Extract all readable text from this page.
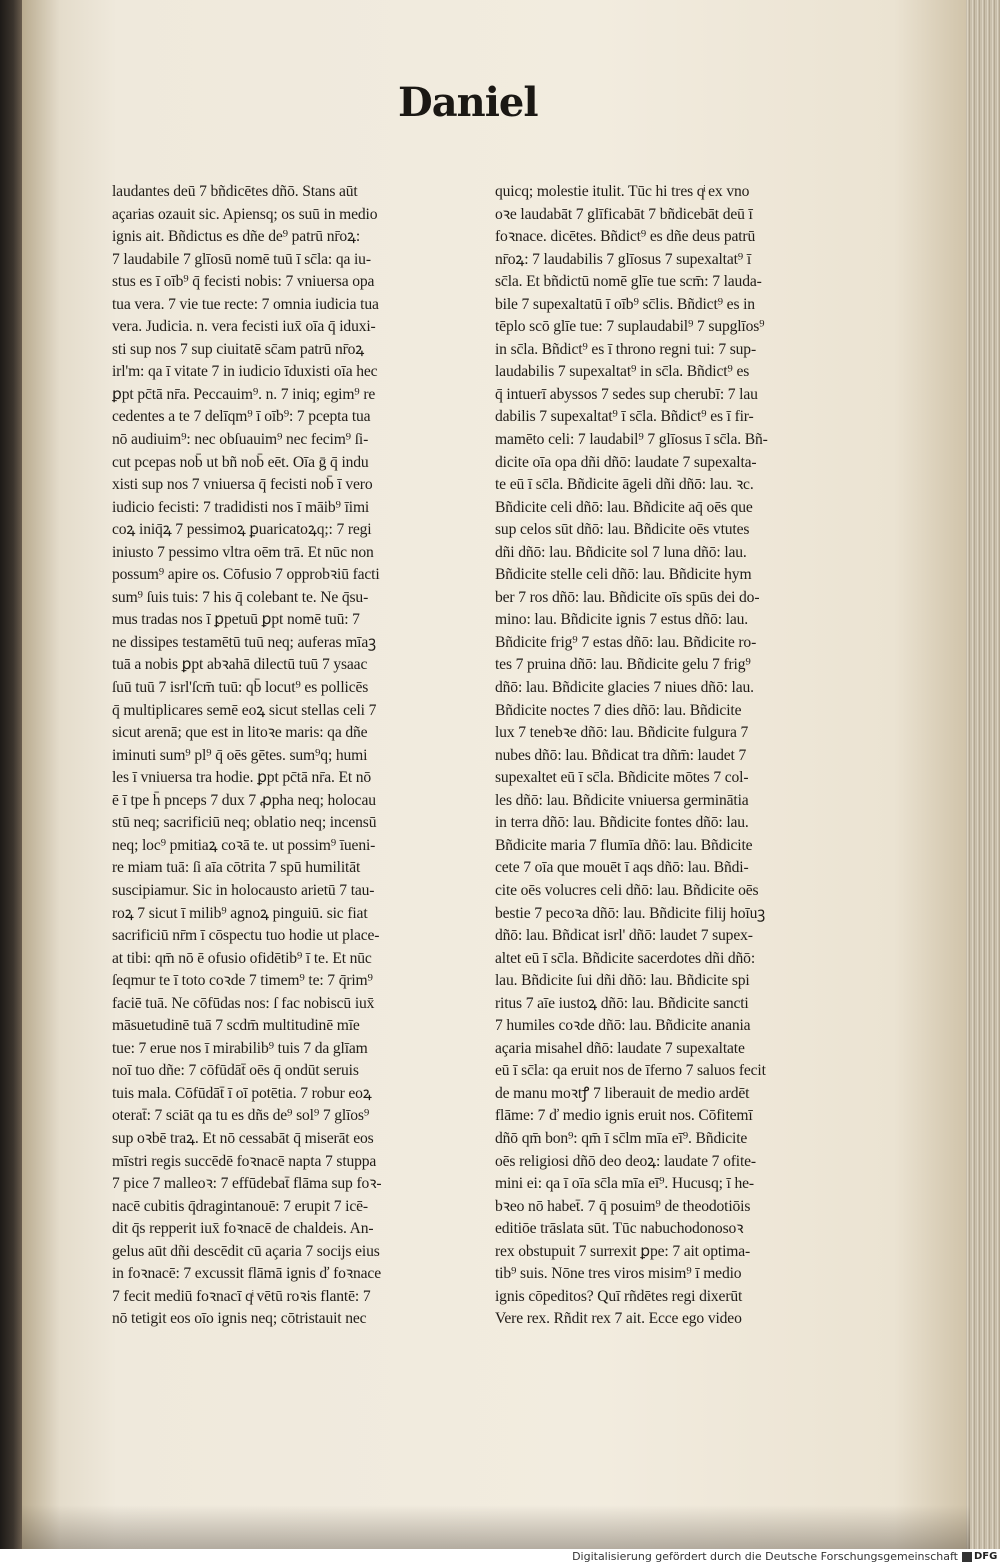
Daniel
laudantes deū 7 bñdicētes dñō. Stans aūt
açarias ozauit sic. Apiensq; os suū in medio
ignis ait. Bñdictus es dñe de⁹ patrū nr̄oꝝ:
7 laudabile 7 glīosū nomē tuū ī sc̄la: qa iu-
stus es ī oīb⁹ q̄ fecisti nobis: 7 vniuersa opa
tua vera. 7 vie tue recte: 7 omnia iudicia tua
vera. Judicia. n. vera fecisti iux̄ oīa q̄ iduxi-
sti sup nos 7 sup ciuitatē sc̄am patrū nr̄oꝝ
irl'm: qa ī vitate 7 in iudicio īduxisti oīa hec
ꝑpt pc̄tā nr̄a. Peccauim⁹. n. 7 iniq; egim⁹ re
cedentes a te 7 delīqm⁹ ī oīb⁹: 7 pcepta tua
nō audiuim⁹: nec obſuauim⁹ nec fecim⁹ ſi-
cut pcepas nob̄ ut bñ nob̄ eēt. Oīa ḡ q̄ indu
xisti sup nos 7 vniuersa q̄ fecisti nob̄ ī vero
iudicio fecisti: 7 tradidisti nos ī māib⁹ īimi
coꝝ iniq̄ꝝ 7 pessimoꝝ ꝑuaricatoꝝq;: 7 regi
iniusto 7 pessimo vltra oēm trā. Et nūc non
possum⁹ apire os. Cōfusio 7 opprobꝛiū facti
sum⁹ ſuis tuis: 7 his q̄ colebant te. Ne q̄su-
mus tradas nos ī ꝑpetuū ꝑpt nomē tuū: 7
ne dissipes testamētū tuū neq; auferas mīaꝫ
tuā a nobis ꝑpt abꝛahā dilectū tuū 7 ysaac
ſuū tuū 7 isrl'ſcm̄ tuū: qb̄ locut⁹ es pollicēs
q̄ multiplicares semē eoꝝ sicut stellas celi 7
sicut arenā; que est in litoꝛe maris: qa dñe
iminuti sum⁹ pl⁹ q̄ oēs gētes. sum⁹q; humi
les ī vniuersa tra hodie. ꝑpt pc̄tā nr̄a. Et nō
ē ī tpe h̄ pnceps 7 dux 7 ꝓpha neq; holocau
stū neq; sacrificiū neq; oblatio neq; incensū
neq; loc⁹ pmitiaꝝ coꝛā te. ut possim⁹ īueni-
re miam tuā: ſi aīa cōtrita 7 spū humilitāt
suscipiamur. Sic in holocausto arietū 7 tau-
roꝝ 7 sicut ī milib⁹ agnoꝝ pinguiū. sic fiat
sacrificiū nr̄m ī cōspectu tuo hodie ut place-
at tibi: qm̄ nō ē ofusio ofidētib⁹ ī te. Et nūc
ſeqmur te ī toto coꝛde 7 timem⁹ te: 7 q̄rim⁹
faciē tuā. Ne cōfūdas nos: ſ fac nobiscū iux̄
māsuetudinē tuā 7 scdm̄ multitudinē mīe
tue: 7 erue nos ī mirabilib⁹ tuis 7 da glīam
noī tuo dñe: 7 cōfūdāt̄ oēs q̄ ondūt seruis
tuis mala. Cōfūdāt̄ ī oī potētia. 7 robur eoꝝ
oterat̄: 7 sciāt qa tu es dñs de⁹ sol⁹ 7 glīos⁹
sup oꝛbē traꝝ. Et nō cessabāt q̄ miserāt eos
mīstri regis succēdē foꝛnacē napta 7 stuppa
7 pice 7 malleoꝛ: 7 effūdebat̄ flāma sup foꝛ-
nacē cubitis q̄dragintanouē: 7 erupit 7 icē-
dit q̄s repperit iux̄ foꝛnacē de chaldeis. An-
gelus aūt dñi descēdit cū açaria 7 socijs eius
in foꝛnacē: 7 excussit flāmā ignis ď foꝛnace
7 fecit mediū foꝛnacī qͥ vētū roꝛis flantē: 7
nō tetigit eos oīo ignis neq; cōtristauit nec
quicq; molestie itulit. Tūc hi tres qͥ ex vno
oꝛe laudabāt 7 glīficabāt 7 bñdicebāt deū ī
foꝛnace. dicētes. Bñdict⁹ es dñe deus patrū
nr̄oꝝ: 7 laudabilis 7 glīosus 7 supexaltat⁹ ī
sc̄la. Et bñdictū nomē glīe tue scm̄: 7 lauda-
bile 7 supexaltatū ī oīb⁹ sc̄lis. Bñdict⁹ es in
tēplo scō glīe tue: 7 suplaudabil⁹ 7 supglīos⁹
in sc̄la. Bñdict⁹ es ī throno regni tui: 7 sup-
laudabilis 7 supexaltat⁹ in sc̄la. Bñdict⁹ es
q̄ intuerī abyssos 7 sedes sup cherubī: 7 lau
dabilis 7 supexaltat⁹ ī sc̄la. Bñdict⁹ es ī fir-
mamēto celi: 7 laudabil⁹ 7 glīosus ī sc̄la. Bñ-
dicite oīa opa dñi dñō: laudate 7 supexalta-
te eū ī sc̄la. Bñdicite āgeli dñi dñō: lau. ꝛc.
Bñdicite celi dñō: lau. Bñdicite aq̄ oēs que
sup celos sūt dñō: lau. Bñdicite oēs vtutes
dñi dñō: lau. Bñdicite sol 7 luna dñō: lau.
Bñdicite stelle celi dñō: lau. Bñdicite hym
ber 7 ros dñō: lau. Bñdicite oīs spūs dei do-
mino: lau. Bñdicite ignis 7 estus dñō: lau.
Bñdicite frig⁹ 7 estas dñō: lau. Bñdicite ro-
tes 7 pruina dñō: lau. Bñdicite gelu 7 frig⁹
dñō: lau. Bñdicite glacies 7 niues dñō: lau.
Bñdicite noctes 7 dies dñō: lau. Bñdicite
lux 7 tenebꝛe dñō: lau. Bñdicite fulgura 7
nubes dñō: lau. Bñdicat tra dñm̄: laudet 7
supexaltet eū ī sc̄la. Bñdicite mōtes 7 col-
les dñō: lau. Bñdicite vniuersa germinātia
in terra dñō: lau. Bñdicite fontes dñō: lau.
Bñdicite maria 7 flumīa dñō: lau. Bñdicite
cete 7 oīa que mouēt ī aqs dñō: lau. Bñdi-
cite oēs volucres celi dñō: lau. Bñdicite oēs
bestie 7 pecoꝛa dñō: lau. Bñdicite filij hoīuꝫ
dñō: lau. Bñdicat isrl' dñō: laudet 7 supex-
altet eū ī sc̄la. Bñdicite sacerdotes dñi dñō:
lau. Bñdicite ſui dñi dñō: lau. Bñdicite spi
ritus 7 aīe iustoꝝ dñō: lau. Bñdicite sancti
7 humiles coꝛde dñō: lau. Bñdicite anania
açaria misahel dñō: laudate 7 supexaltate
eū ī sc̄la: qa eruit nos de īferno 7 saluos fecit
de manu moꝛtꝭ 7 liberauit de medio ardēt
flāme: 7 ď medio ignis eruit nos. Cōfitemī
dñō qm̄ bon⁹: qm̄ ī sc̄lm mīa eī⁹. Bñdicite
oēs religiosi dñō deo deoꝝ: laudate 7 ofite-
mini ei: qa ī oīa sc̄la mīa eī⁹. Hucusq; ī he-
bꝛeo nō habet̄. 7 q̄ posuim⁹ de theodotiōis
editiōe trāslata sūt. Tūc nabuchodonosoꝛ
rex obstupuit 7 surrexit ꝑpe: 7 ait optima-
tib⁹ suis. Nōne tres viros misim⁹ ī medio
ignis cōpeditos? Quī rñdētes regi dixerūt
Vere rex. Rñdit rex 7 ait. Ecce ego video
Digitalisierung gefördert durch die Deutsche Forschungsgemeinschaft DFG
